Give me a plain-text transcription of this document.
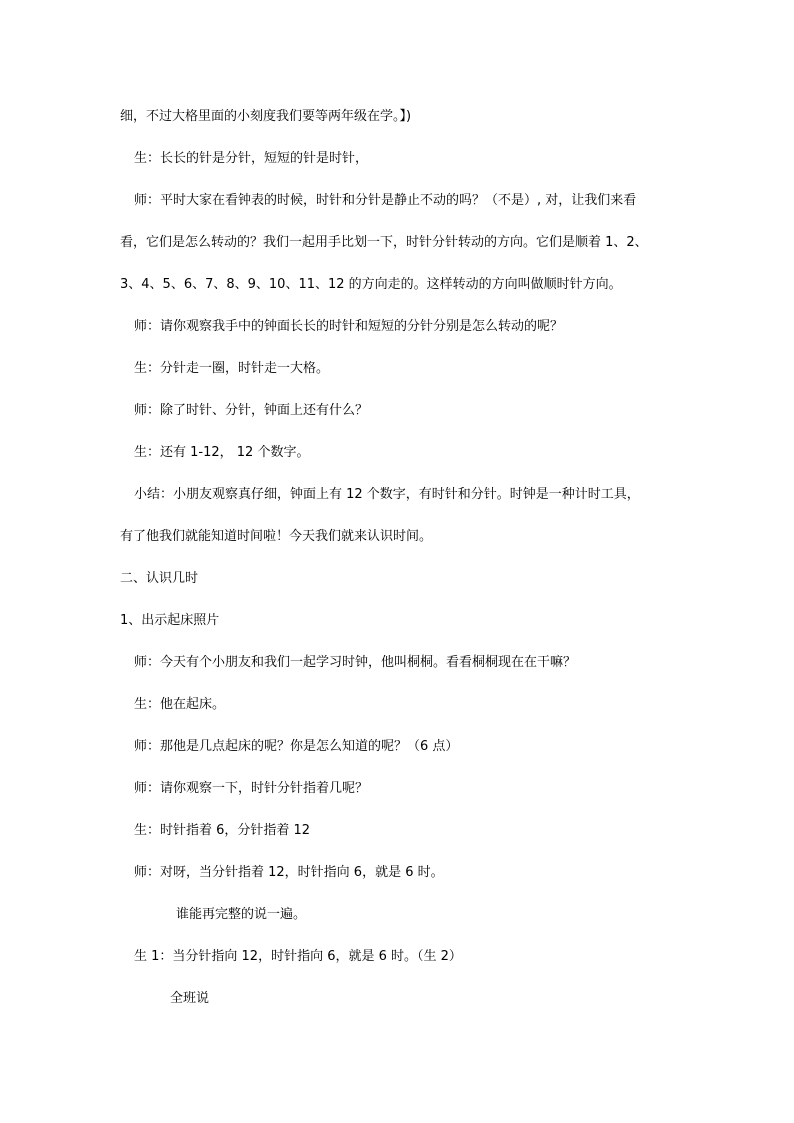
细，不过大格里面的小刻度我们要等两年级在学。】)
生：长长的针是分针，短短的针是时针，
师：平时大家在看钟表的时候，时针和分针是静止不动的吗？（不是）, 对，让我们来看
看，它们是怎么转动的？我们一起用手比划一下，时针分针转动的方向。它们是顺着 1、2、
3、4、5、6、7、8、9、10、11、12 的方向走的。这样转动的方向叫做顺时针方向。
师：请你观察我手中的钟面长长的时针和短短的分针分别是怎么转动的呢？
生：分针走一圈，时针走一大格。
师：除了时针、分针，钟面上还有什么？
生：还有 1-12， 12 个数字。
小结：小朋友观察真仔细，钟面上有 12 个数字，有时针和分针。时钟是一种计时工具，
有了他我们就能知道时间啦！今天我们就来认识时间。
二、认识几时
1、出示起床照片
师：今天有个小朋友和我们一起学习时钟，他叫桐桐。看看桐桐现在在干嘛？
生：他在起床。
师：那他是几点起床的呢？你是怎么知道的呢？（6 点）
师：请你观察一下，时针分针指着几呢？
生：时针指着 6，分针指着 12
师：对呀，当分针指着 12，时针指向 6，就是 6 时。
谁能再完整的说一遍。
生 1：当分针指向 12，时针指向 6，就是 6 时。（生 2）
全班说
